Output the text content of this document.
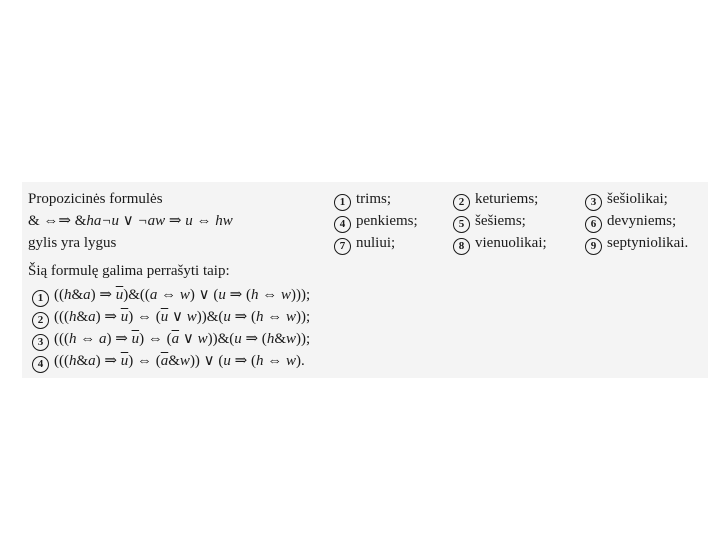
Propozicinės formulės
& ⇔⇒ &ha¬u ∨ ¬aw ⇒ u ⇔ hw
gylis yra lygus
1 trims;	2 keturiems;	3 šešiolikai;
4 penkiems;	5 šešiems;	6 devyniems;
7 nuliui;	8 vienuolikai;	9 septyniolikai.
Šią formulę galima perrašyti taip:
1 ((h&a) ⇒ $\overline{u})\&((a$ ⇔ w) ∨ (u ⇒ (h ⇔ w)));
2 (((h&a) ⇒ $\overline{u}$) ⇔ ($\overline{u}$ ∨ w))&(u ⇒ (h ⇔ w));
3 (((h ⇔ a) ⇒ $\overline{u}$) ⇔ ($\overline{a}$ ∨ w))&(u ⇒ (h&w));
4 (((h&a) ⇒ $\overline{u}$) ⇔ $(\overline{a}\&w)$) ∨ (u ⇒ (h ⇔ w).
